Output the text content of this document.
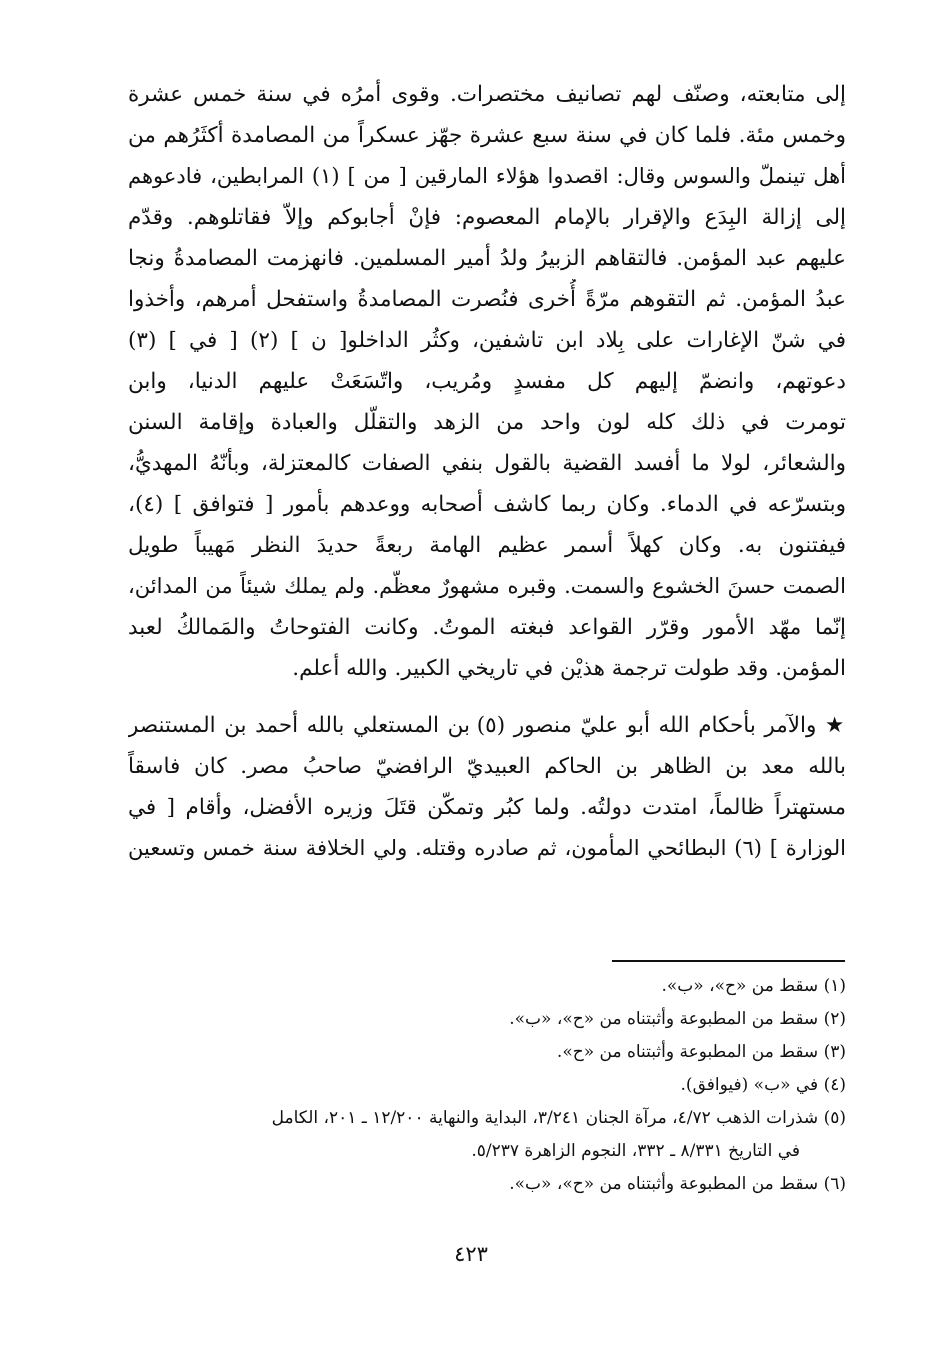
إلى متابعته، وصنّف لهم تصانيف مختصرات. وقوى أمرُه في سنة خمس عشرة
وخمس مئة. فلما كان في سنة سبع عشرة جهّز عسكراً من المصامدة أكثَرُهم من
أهل تينملّ والسوس وقال: اقصدوا هؤلاء المارقين [ من ] (١) المرابطين، فادعوهم
إلى إزالة البِدَع والإقرار بالإمام المعصوم: فإنْ أجابوكم وإلاّ فقاتلوهم. وقدّم
عليهم عبد المؤمن. فالتقاهم الزبيرُ ولدُ أمير المسلمين. فانهزمت المصامدةُ ونجا
عبدُ المؤمن. ثم التقوهم مرّةً أُخرى فنُصرت المصامدةُ واستفحل أمرهم، وأخذوا
في شنّ الإغارات على بِلاد ابن تاشفين، وكثُر الداخلو[ ن ] (٢) [ في ] (٣)
دعوتهم، وانضمّ إليهم كل مفسدٍ ومُريب، واتّسَعَتْ عليهم الدنيا، وابن
تومرت في ذلك كله لون واحد من الزهد والتقلّل والعبادة وإقامة السنن
والشعائر، لولا ما أفسد القضية بالقول بنفي الصفات كالمعتزلة، وبأنّهُ المهديُّ،
وبتسرّعه في الدماء. وكان ربما كاشف أصحابه ووعدهم بأمور [ فتوافق ] (٤)،
فيفتنون به. وكان كهلاً أسمر عظيم الهامة ربعةً حديدَ النظر مَهيباً طويل
الصمت حسنَ الخشوع والسمت. وقبره مشهورٌ معظّم. ولم يملك شيئاً من المدائن،
إنّما مهّد الأمور وقرّر القواعد فبغته الموتُ. وكانت الفتوحاتُ والمَمالكُ لعبد
المؤمن. وقد طولت ترجمة هذيْن في تاريخي الكبير. والله أعلم.
★ والآمر بأحكام الله أبو عليّ منصور (٥) بن المستعلي بالله أحمد بن المستنصر
بالله معد بن الظاهر بن الحاكم العبيديّ الرافضيّ صاحبُ مصر. كان فاسقاً
مستهتراً ظالماً، امتدت دولتُه. ولما كبُر وتمكّن قتَلَ وزيره الأفضل، وأقام [ في
الوزارة ] (٦) البطائحي المأمون، ثم صادره وقتله. ولي الخلافة سنة خمس وتسعين
(١) سقط من «ح»، «ب».
(٢) سقط من المطبوعة وأثبتناه من «ح»، «ب».
(٣) سقط من المطبوعة وأثبتناه من «ح».
(٤) في «ب» (فيوافق).
(٥) شذرات الذهب ٤/٧٢، مرآة الجنان ٣/٢٤١، البداية والنهاية ١٢/٢٠٠ ـ ٢٠١، الكامل
في التاريخ ٨/٣٣١ ـ ٣٣٢، النجوم الزاهرة ٥/٢٣٧.
(٦) سقط من المطبوعة وأثبتناه من «ح»، «ب».
٤٢٣
